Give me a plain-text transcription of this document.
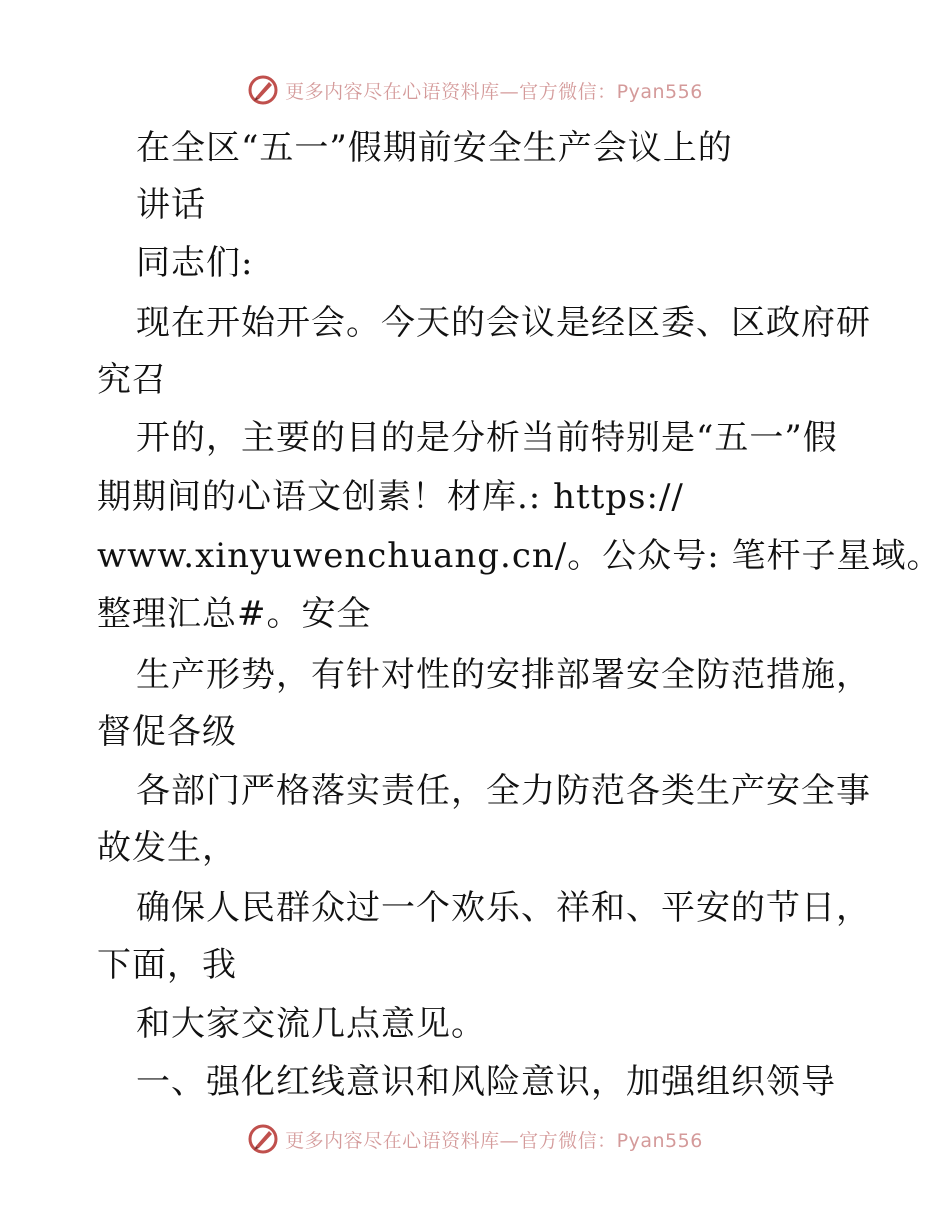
更多内容尽在心语资料库—官方微信：Pyan556
在全区“五一”假期前安全生产会议上的
讲话
同志们:
现在开始开会。今天的会议是经区委、区政府研
究召
开的，主要的目的是分析当前特别是“五一”假
期期间的心语文创素！材库.: https://
www.xinyuwenchuang.cn/。公众号: 笔杆子星域。
整理汇总#。安全
生产形势，有针对性的安排部署安全防范措施，
督促各级
各部门严格落实责任，全力防范各类生产安全事
故发生，
确保人民群众过一个欢乐、祥和、平安的节日，
下面，我
和大家交流几点意见。
一、强化红线意识和风险意识，加强组织领导
更多内容尽在心语资料库—官方微信：Pyan556
